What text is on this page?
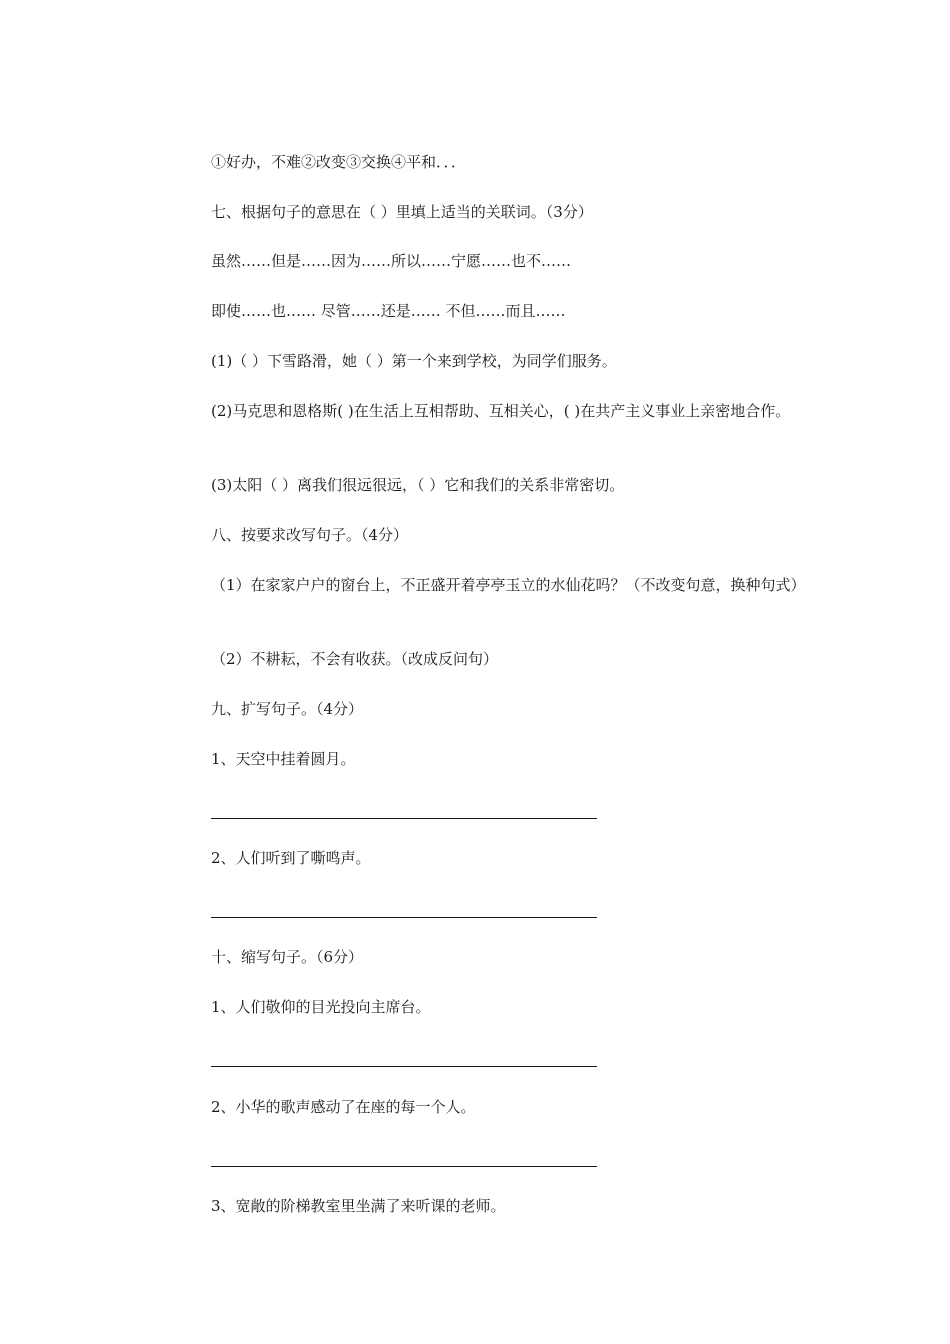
①好办，不难②改变③交换④平和．．．
七、根据句子的意思在（ ）里填上适当的关联词。（3分）
虽然……但是……因为……所以……宁愿……也不……
即使……也…… 尽管……还是…… 不但……而且……
(1)（ ）下雪路滑，她（ ）第一个来到学校，为同学们服务。
(2)马克思和恩格斯( )在生活上互相帮助、互相关心，( )在共产主义事业上亲密地合作。
(3)太阳（ ）离我们很远很远，（ ）它和我们的关系非常密切。
八、按要求改写句子。（4分）
（1）在家家户户的窗台上，不正盛开着亭亭玉立的水仙花吗？（不改变句意，换种句式）
（2）不耕耘，不会有收获。（改成反问句）
九、扩写句子。（4分）
1、天空中挂着圆月。
2、人们听到了嘶鸣声。
十、缩写句子。（6分）
1、人们敬仰的目光投向主席台。
2、小华的歌声感动了在座的每一个人。
3、宽敞的阶梯教室里坐满了来听课的老师。
